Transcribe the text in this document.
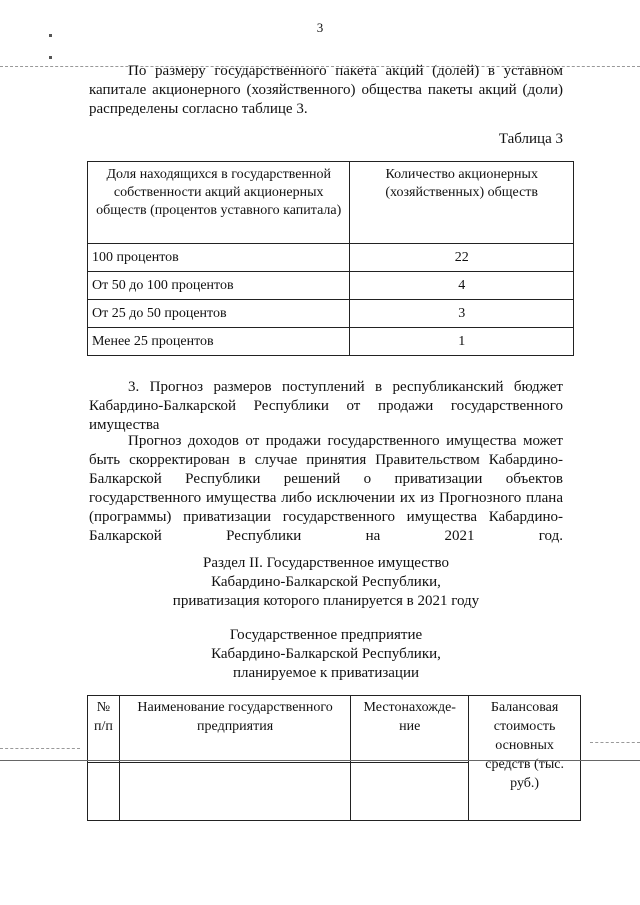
3
По размеру государственного пакета акций (долей) в уставном капитале акционерного (хозяйственного) общества пакеты акций (доли) распределены согласно таблице 3.
Таблица 3
Доля находящихся в государственной собственности акций акционерных обществ (процентов уставного капитала)	Количество акционерных (хозяйственных) обществ
100 процентов	22
От 50 до 100 процентов	4
От 25 до 50 процентов	3
Менее 25 процентов	1
3. Прогноз размеров поступлений в республиканский бюджет Кабардино-Балкарской Республики от продажи государственного имущества
Прогноз доходов от продажи государственного имущества может быть скорректирован в случае принятия Правительством Кабардино-Балкарской Республики решений о приватизации объектов государственного имущества либо исключении их из Прогнозного плана (программы) приватизации государственного имущества Кабардино-Балкарской Республики на 2021 год.
Раздел II. Государственное имущество
Кабардино-Балкарской Республики,
приватизация которого планируется в 2021 году
Государственное предприятие
Кабардино-Балкарской Республики,
планируемое к приватизации
№ п/п	Наименование государственного предприятия	Местонахожде-ние	Балансовая стоимость основных средств (тыс. руб.)
